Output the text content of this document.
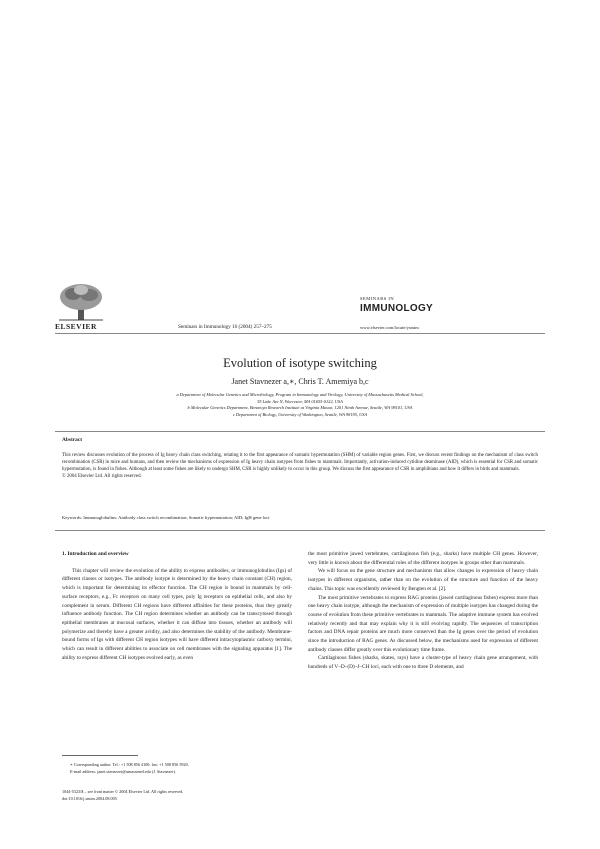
ELSEVIER	Seminars in Immunology 16 (2004) 257–275
SEMINARS IN
IMMUNOLOGY
www.elsevier.com/locate/ysmim
Evolution of isotype switching
Janet Stavnezer a,∗, Chris T. Amemiya b,c
a Department of Molecular Genetics and Microbiology, Program in Immunology and Virology, University of Massachusetts Medical School,
55 Lake Ave N, Worcester, MA 01655-0122, USA
b Molecular Genetics Department, Benaroya Research Institute at Virginia Mason, 1201 Ninth Avenue, Seattle, WA 98101, USA
c Department of Biology, University of Washington, Seattle, WA 98195, USA
Abstract
This review discusses evolution of the process of Ig heavy chain class switching, relating it to the first appearance of somatic hypermutation (SHM) of variable region genes. First, we discuss recent findings on the mechanism of class switch recombination (CSR) in mice and humans, and then review the mechanisms of expression of Ig heavy chain isotypes from fishes to mammals. Importantly, activation-induced cytidine deaminase (AID), which is essential for CSR and somatic hypermutation, is found in fishes. Although at least some fishes are likely to undergo SHM, CSR is highly unlikely to occur in this group. We discuss the first appearance of CSR in amphibians and how it differs in birds and mammals.
© 2004 Elsevier Ltd. All rights reserved.
Keywords: Immunoglobulins; Antibody class switch recombination; Somatic hypermutation; AID; IgH gene loci
1. Introduction and overview

This chapter will review the evolution of the ability to express antibodies, or immunoglobulins (Igs) of different classes or isotypes. The antibody isotype is determined by the heavy chain constant (CH) region, which is important for determining its effector function. The CH region is bound in mammals by cell-surface receptors, e.g., Fc receptors on many cell types, poly Ig receptors on epithelial cells, and also by complement in serum. Different CH regions have different affinities for these proteins, thus they greatly influence antibody function. The CH region determines whether an antibody can be transcytosed through epithelial membranes at mucosal surfaces, whether it can diffuse into tissues, whether an antibody will polymerize and thereby have a greater avidity, and also determines the stability of the antibody. Membrane-bound forms of Igs with different CH region isotypes will have different intracytoplasmic carboxy termini, which can result in different abilities to associate on cell membranes with the signaling apparatus [1]. The ability to express different CH isotypes evolved early, as even

the most primitive jawed vertebrates, cartilaginous fish (e.g., sharks) have multiple CH genes. However, very little is known about the differential roles of the different isotypes in groups other than mammals.

We will focus on the gene structure and mechanisms that allow changes in expression of heavy chain isotypes in different organisms, rather than on the evolution of the structure and function of the heavy chains. This topic was excellently reviewed by Bengten et al. [2].

The most primitive vertebrates to express RAG proteins (jawed cartilaginous fishes) express more than one heavy chain isotype, although the mechanism of expression of multiple isotypes has changed during the course of evolution from these primitive vertebrates to mammals. The adaptive immune system has evolved relatively recently and that may explain why it is still evolving rapidly. The sequences of transcription factors and DNA repair proteins are much more conserved than the Ig genes over the period of evolution since the introduction of RAG genes. As discussed below, the mechanisms used for expression of different antibody classes differ greatly over this evolutionary time frame.

Cartilaginous fishes (sharks, skates, rays) have a cluster-type of heavy chain gene arrangement, with hundreds of V–D–(D)–J–CH loci, each with one to three D elements, and

∗ Corresponding author. Tel.: +1 508 856 4100; fax: +1 508 856 5920.

E-mail address: janet.stavnezer@umassmed.edu (J. Stavnezer).

1044-5323/$ – see front matter © 2004 Elsevier Ltd. All rights reserved.
doi:10.1016/j.smim.2004.08.005
